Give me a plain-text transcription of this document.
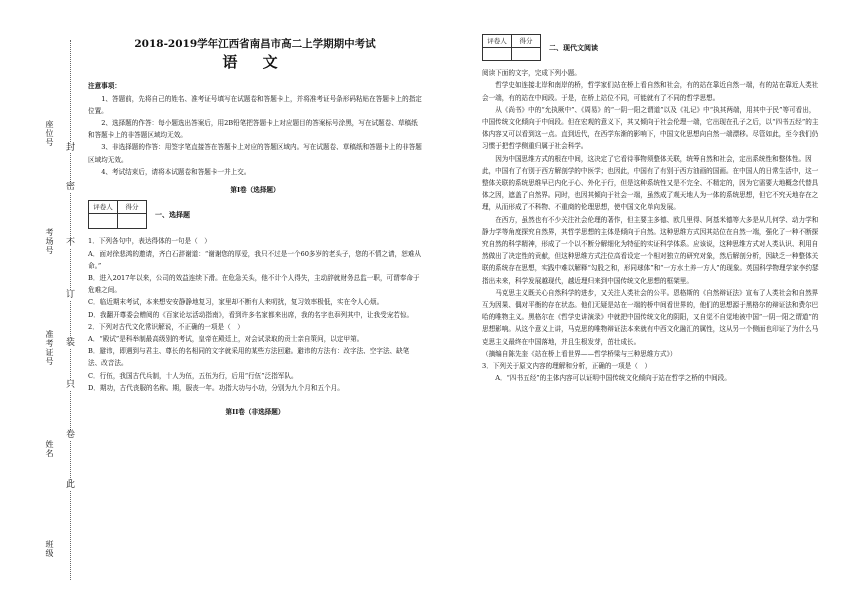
座位号
考场号
准考证号
姓名
班级
封
密
不
订
装
只
卷
此
2018-2019学年江西省南昌市高二上学期期中考试
语 文

注意事项：

1、答题前，先将自己的姓名、准考证号填写在试题卷和答题卡上，并将准考证号条形码粘贴在答题卡上的指定位置。

2、选择题的作答：每小题选出答案后，用2B铅笔把答题卡上对应题目的答案标号涂黑，写在试题卷、草稿纸和答题卡上的非答题区域均无效。

3、非选择题的作答：用签字笔直接答在答题卡上对应的答题区域内。写在试题卷、草稿纸和答题卡上的非答题区域均无效。

4、考试结束后，请将本试题卷和答题卡一并上交。

第Ⅰ卷（选择题）

评卷人	得分

一、选择题

1．下列各句中，表达得体的一句是（　）

A．面对徐悲鸿的邀请，齐白石辞谢道：“谢谢您的厚爱，我只不过是一个60多岁的老头子，您的不情之请，恕难从命。”

B．进入2017年以来，公司的效益连续下滑。在危急关头，他不计个人得失，主动辞就财务总监一职，可谓奉命于危难之间。

C．临近期末考试，本来想安安静静地复习，家里却不断有人来叨扰，复习效率极低，实在令人心烦。

D．我翻开尊委会赠阅的《百家论坛活动指南》，看到许多名家都来出席，我的名字也忝列其中，让我受宠若惊。

2．下列对古代文化常识解说，不正确的一项是（　）

A．“殿试”是科举制最高级别的考试，皇帝在殿廷上，对会试录取的贡士亲自策问，以定甲第。

B．避讳，即遇到与君主、尊长的名相同的文字就采用的某些方法回避。避讳的方法有：改字法、空字法、缺笔法、改音法。

C．行伍，我国古代兵制，十人为伍，五伍为行，后用“行伍”泛指军队。

D．期功，古代丧服的名称。期，服丧一年。功指大功与小功，分别为九个月和五个月。

第II卷（非选择题）

评卷人	得分

二、现代文阅读

阅读下面的文字，完成下列小题。

哲学史如连接北岸和南岸的桥，哲学家们站在桥上看自然和社会，有的站在靠近自然一端，有的站在靠近人类社会一端，有的站在中间段。于是，在桥上站位不同，可能就有了不同的哲学思想。

从《尚书》中的“允执厥中”、《周易》的“一阴一阳之谓道”以及《礼记》中“执其两端，用其中于民”等可看出，中国传统文化倾向于中间段。但在宏观的意义下，其又倾向于社会伦理一端，它出现在孔子之后，以“四书五经”的主体内容又可以看到这一点。直到近代，在西学东渐的影响下，中国文化思想向自然一端漂移。尽管如此，至今我们仍习惯于把哲学侧重归属于社会科学。

因为中国思维方式的根在中间，这决定了它看待事物须整体关联，统筹自然和社会，定出系统性和整体性。因此，中国有了有别于西方解剖学的中医学；也因此，中国有了有别于西方油画的国画。在中国人的日常生活中，这一整体关联的系统思维早已内化于心、外化于行，但是这种系统性又是不完全、不精定的，因为它需要大地概念代替具体之因，遮盖了自然界。同时，也因其倾向于社会一端，虽然成了观天地人为一体的系统思想，但它不究天地存在之理，从而形成了不科物、不重商的伦理思想，使中国文化单向发展。

在西方，虽然也有不少关注社会伦理的著作，但主要主多德、欧几里得、阿基米德等大多是从几何学、动力学和静力学等角度探究自然界，其哲学思想的主体是倾向于自然。这种思维方式因其站位在自然一端，强化了一种不断探究自然的科学精神，形成了一个以不断分解细化为特征的实证科学体系。应该说，这种思维方式对人类认识、利用自然做出了决定性的贡献，但这种思维方式注位高看设定一个相对独立的研究对象，然后解剖分析，因缺乏一种整体关联的系统存在思想，实践中难以解释“勾股之和，形同球体”和“一方水土养一方人”的现象。英国科学物理学家李约瑟指出未来，科学发展越现代，越近理归来到中国传统文化思想的框架里。

马克思主义既关心自然科学的进步，又关注人类社会的公平。恩格斯的《自然辩证法》宣布了人类社会和自然界互为因果、偶对平衡的存在状态。他们无疑是站在一端的桥中间看世界的，他们的思想源于黑格尔的辩证法和费尔巴哈的唯物主义。黑格尔在《哲学史讲演录》中就把中国传统文化的阴阳，又自觉不自觉地被中国“一阴一阳之谓道”的思想影响。从这个意义上讲，马克思的唯物辩证法本来就有中西文化融汇的属性，这从另一个侧面也印证了为什么马克思主义最终在中国落地，并且生根发芽，茁壮成长。

（摘编自陈先奎《站在桥上看世界——哲学桥梁与三种思维方式》）

3．下列关于原文内容的理解和分析，正确的一项是（　）

A．“四书五经”的主体内容可以证明中国传统文化倾向于站在哲学之桥的中间段。
